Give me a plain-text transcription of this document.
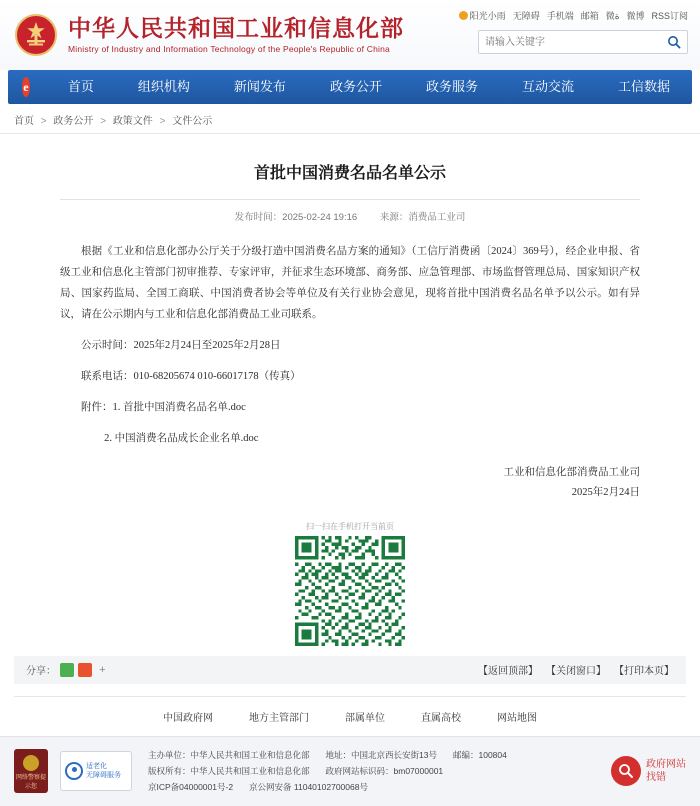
中华人民共和国工业和信息化部
Ministry of Industry and Information Technology of the People's Republic of China
阳光小雨 无障碍 手机端 邮箱 微ة 微博 RSS订阅
请输入关键字
e	首页	组织机构	新闻发布	政务公开	政务服务	互动交流	工信数据
首页 > 政务公开 > 政策文件 > 文件公示
首批中国消费名品名单公示
发布时间：2025-02-24 19:16 来源：消费品工业司

根据《工业和信息化部办公厅关于分级打造中国消费名品方案的通知》（工信厅消费函〔2024〕369号），经企业申报、省级工业和信息化主管部门初审推荐、专家评审，并征求生态环境部、商务部、应急管理部、市场监督管理总局、国家知识产权局、国家药监局、全国工商联、中国消费者协会等单位及有关行业协会意见，现将首批中国消费名品名单予以公示。如有异议，请在公示期内与工业和信息化部消费品工业司联系。

公示时间：2025年2月24日至2025年2月28日

联系电话：010-68205674 010-66017178（传真）

附件：1. 首批中国消费名品名单.doc

2. 中国消费名品成长企业名单.doc

工业和信息化部消费品工业司
2025年2月24日
扫一扫在手机打开当前页
分享：	+	【返回顶部】 【关闭窗口】 【打印本页】
中国政府网	地方主管部门	部属单位	直属高校	网站地图
网络警察提示您
适老化
无障碍服务
主办单位：中华人民共和国工业和信息化部 地址：中国北京西长安街13号 邮编：100804
版权所有：中华人民共和国工业和信息化部 政府网站标识码：bm07000001
京ICP备04000001号-2 京公网安备 11040102700068号
政府网站
找错
